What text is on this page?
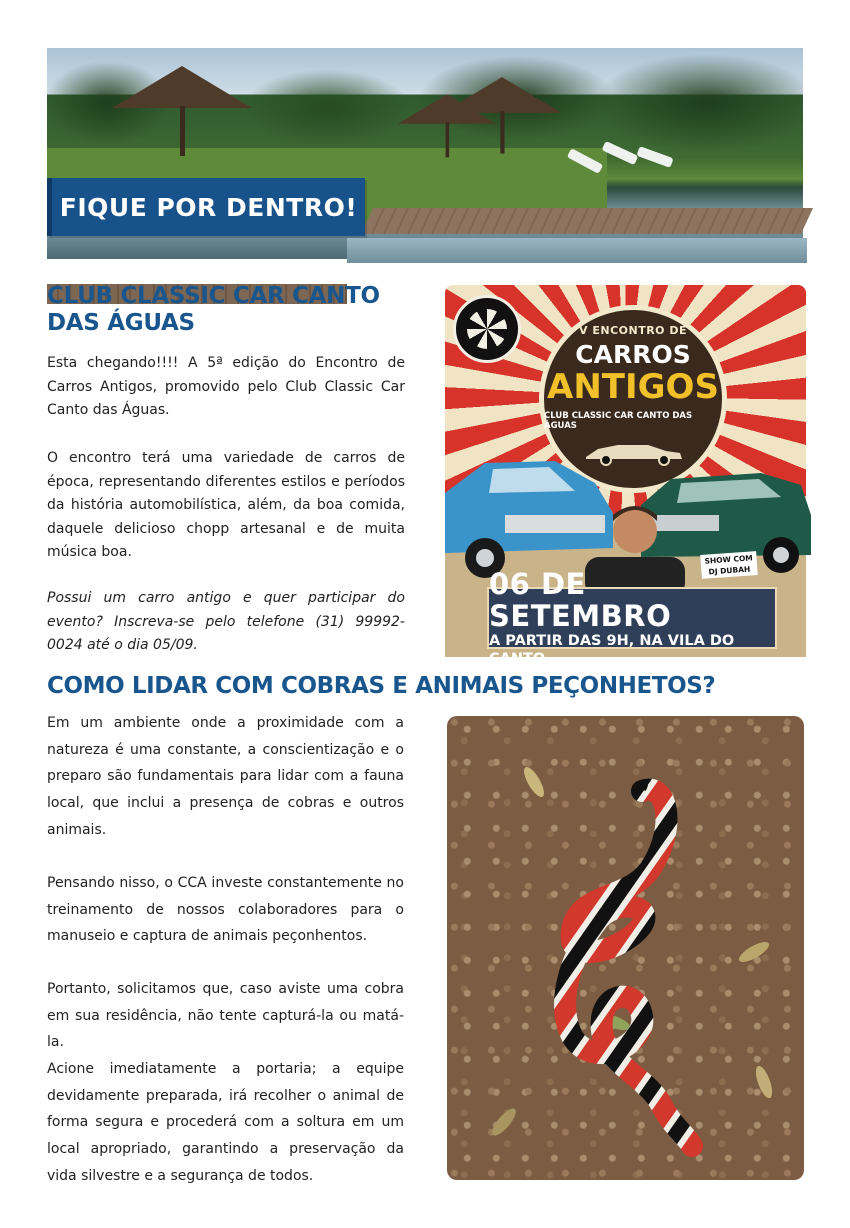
FIQUE POR DENTRO!
CLUB CLASSIC CAR CANTO DAS ÁGUAS

Esta chegando!!!! A 5ª edição do Encontro de Carros Antigos, promovido pelo Club Classic Car Canto das Águas.

O encontro terá uma variedade de carros de época, representando diferentes estilos e períodos da história automobilística, além, da boa comida, daquele delicioso chopp artesanal e de muita música boa.

Possui um carro antigo e quer participar do evento? Inscreva-se pelo telefone (31) 99992-0024 até o dia 05/09.

V ENCONTRO DE
CARROS
ANTIGOS
CLUB CLASSIC CAR CANTO DAS ÁGUAS
SHOW COM
DJ DUBAH
06 DE SETEMBRO
A PARTIR DAS 9H, NA VILA DO CANTO
COMO LIDAR COM COBRAS E ANIMAIS PEÇONHETOS?

Em um ambiente onde a proximidade com a natureza é uma constante, a conscientização e o preparo são fundamentais para lidar com a fauna local, que inclui a presença de cobras e outros animais.

Pensando nisso, o CCA investe constantemente no treinamento de nossos colaboradores para o manuseio e captura de animais peçonhentos.

Portanto, solicitamos que, caso aviste uma cobra em sua residência, não tente capturá-la ou matá-la.

Acione imediatamente a portaria; a equipe devidamente preparada, irá recolher o animal de forma segura e procederá com a soltura em um local apropriado, garantindo a preservação da vida silvestre e a segurança de todos.
